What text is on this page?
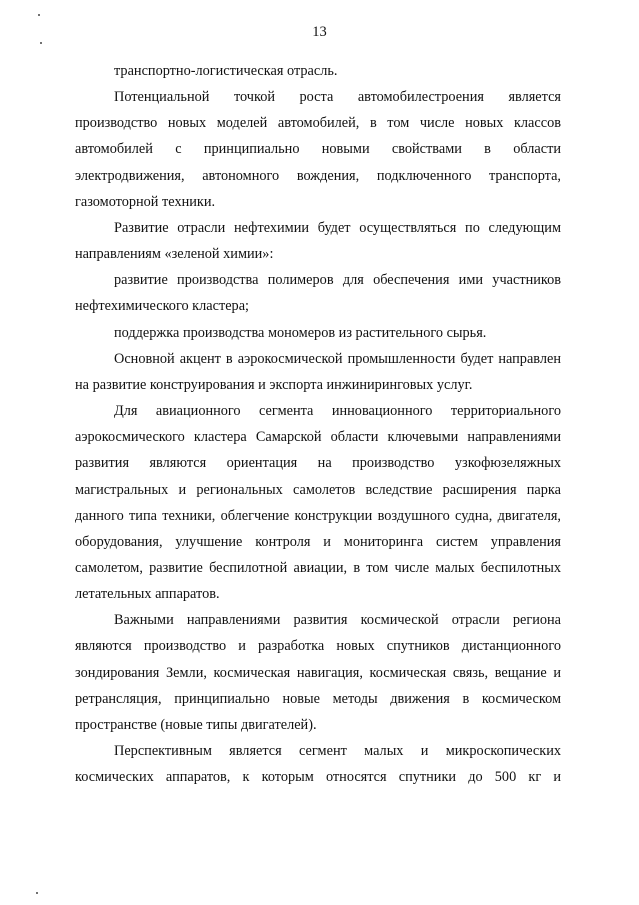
13

транспортно-логистическая отрасль.

Потенциальной точкой роста автомобилестроения является производство новых моделей автомобилей, в том числе новых классов автомобилей с принципиально новыми свойствами в области электродвижения, автономного вождения, подключенного транспорта, газомоторной техники.

Развитие отрасли нефтехимии будет осуществляться по следующим направлениям «зеленой химии»:

развитие производства полимеров для обеспечения ими участников нефтехимического кластера;

поддержка производства мономеров из растительного сырья.

Основной акцент в аэрокосмической промышленности будет направлен на развитие конструирования и экспорта инжиниринговых услуг.

Для авиационного сегмента инновационного территориального аэрокосмического кластера Самарской области ключевыми направлениями развития являются ориентация на производство узкофюзеляжных магистральных и региональных самолетов вследствие расширения парка данного типа техники, облегчение конструкции воздушного судна, двигателя, оборудования, улучшение контроля и мониторинга систем управления самолетом, развитие беспилотной авиации, в том числе малых беспилотных летательных аппаратов.

Важными направлениями развития космической отрасли региона являются производство и разработка новых спутников дистанционного зондирования Земли, космическая навигация, космическая связь, вещание и ретрансляция, принципиально новые методы движения в космическом пространстве (новые типы двигателей).

Перспективным является сегмент малых и микроскопических космических аппаратов, к которым относятся спутники до 500 кг и
